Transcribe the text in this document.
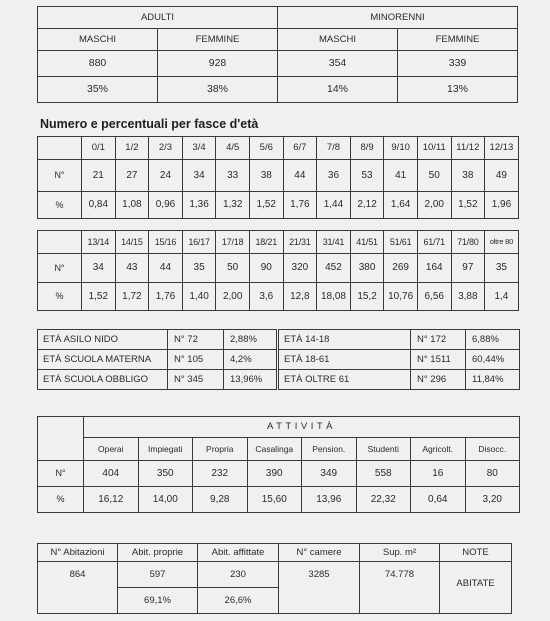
ADULTI		MINORENNI	
MASCHI	FEMMINE	MASCHI	FEMMINE
880	928	354	339
35%	38%	14%	13%
Numero e percentuali per fasce d'età
	0/1	1/2	2/3	3/4	4/5	5/6	6/7	7/8	8/9	9/10	10/11	11/12	12/13
N°	21	27	24	34	33	38	44	36	53	41	50	38	49
%	0,84	1,08	0,96	1,36	1,32	1,52	1,76	1,44	2,12	1,64	2,00	1,52	1,96
	13/14	14/15	15/16	16/17	17/18	18/21	21/31	31/41	41/51	51/61	61/71	71/80	oltre 80
N°	34	43	44	35	50	90	320	452	380	269	164	97	35
%	1,52	1,72	1,76	1,40	2,00	3,6	12,8	18,08	15,2	10,76	6,56	3,88	1,4
ETÀ ASILO NIDO	N° 72	2,88%	ETÀ 14-18	N° 172	6,88%
ETÀ SCUOLA MATERNA	N° 105	4,2%	ETÀ 18-61	N° 1511	60,44%
ETÀ SCUOLA OBBLIGO	N° 345	13,96%	ETÀ OLTRE 61	N° 296	11,84%
	ATTIVITÀ							
	Operai	Impiegati	Propria	Casalinga	Pension.	Studenti	Agricolt.	Disocc.
N°	404	350	232	390	349	558	16	80
%	16,12	14,00	9,28	15,60	13,96	22,32	0,64	3,20
N° Abitazioni	Abit. proprie	Abit. affittate	N° camere	Sup. m²	NOTE
864	597	230	3285	74.778	ABITATE
	69,1%	26,6%			
